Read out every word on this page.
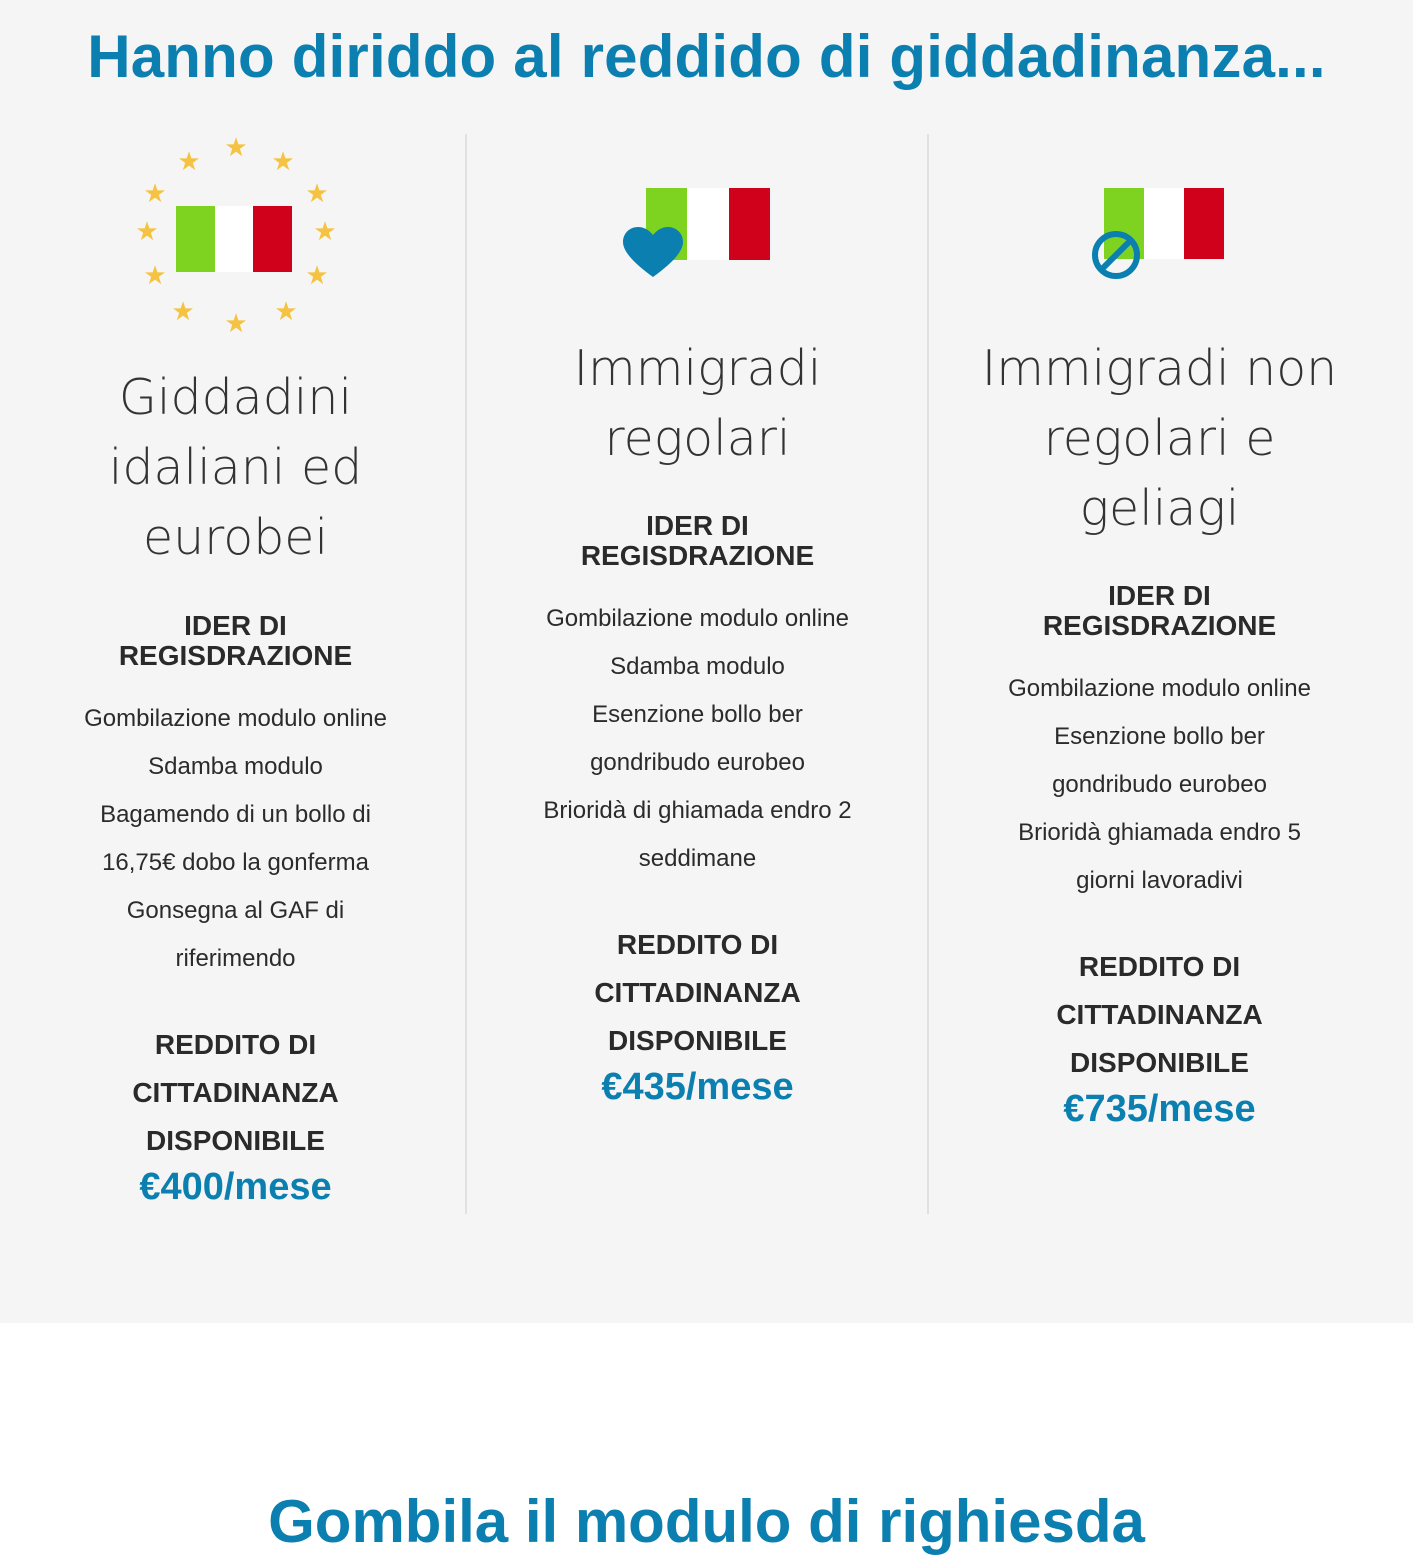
Hanno diriddo al reddido di giddadinanza...
★ ★
★
★
★
★
★
★
★
★
★
★
Giddadini
idaliani ed
eurobei
IDER DI
REGISDRAZIONE
Gombilazione modulo online
Sdamba modulo
Bagamendo di un bollo di 16,75€ dobo la gonferma
Gonsegna al GAF di riferimendo
REDDITO DI
CITTADINANZA
DISPONIBILE
€400/mese
Immigradi
regolari
IDER DI
REGISDRAZIONE
Gombilazione modulo online
Sdamba modulo
Esenzione bollo ber gondribudo eurobeo
Brioridà di ghiamada endro 2 seddimane
REDDITO DI
CITTADINANZA
DISPONIBILE
€435/mese
Immigradi non
regolari e
geliagi
IDER DI
REGISDRAZIONE
Gombilazione modulo online
Esenzione bollo ber gondribudo eurobeo
Brioridà ghiamada endro 5 giorni lavoradivi
REDDITO DI
CITTADINANZA
DISPONIBILE
€735/mese
Gombila il modulo di righiesda
